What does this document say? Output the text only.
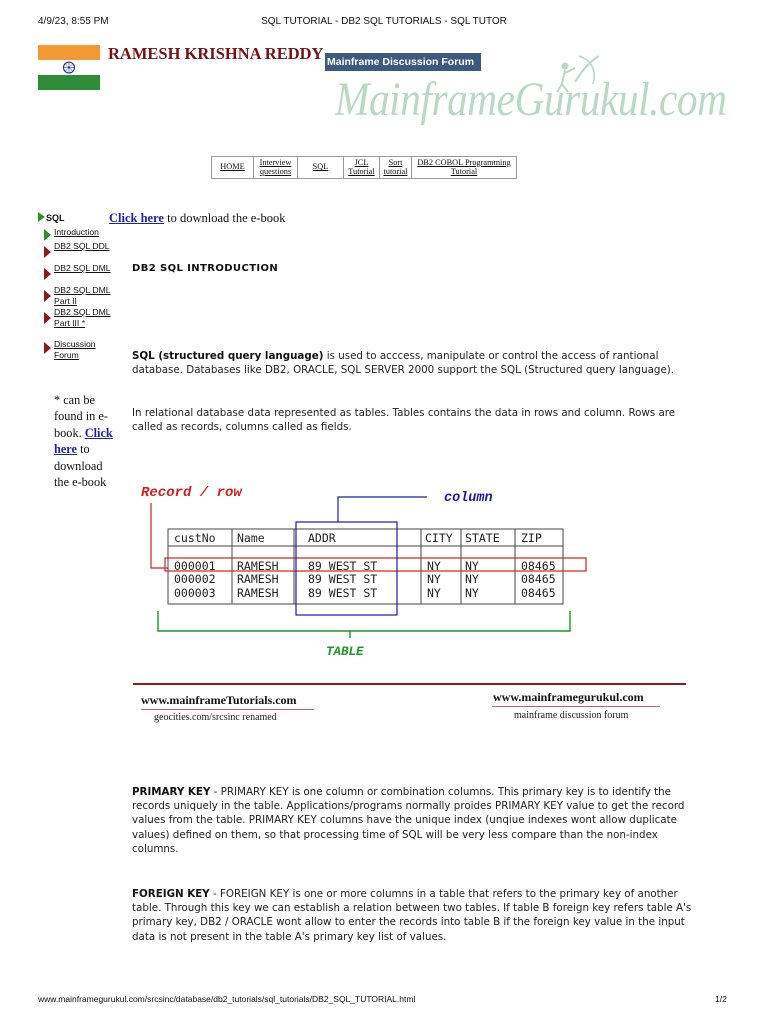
4/9/23, 8:55 PM	SQL TUTORIAL - DB2 SQL TUTORIALS - SQL TUTOR
RAMESH KRISHNA REDDY Mainframe Discussion Forum
MainframeGurukul.com
HOME	Interview questions	SQL	JCL Tutorial
Sort tutorial
DB2 COBOL Programming Tutorial
SQL
Introduction
DB2 SQL DDL
DB2 SQL DML
DB2 SQL DML Part II
DB2 SQL DML Part III *
Discussion Forum
* can be found in e-book. Click here to download the e-book
Click here to download the e-book
DB2 SQL INTRODUCTION
SQL (structured query language) is used to acccess, manipulate or control the access of rantional database. Databases like DB2, ORACLE, SQL SERVER 2000 support the SQL (Structured query language).
In relational database data represented as tables. Tables contains the data in rows and column. Rows are called as records, columns called as fields.
Record / row	column
TABLE
custNo Name	ADDR	CITY STATE ZIP
000001 RAMESH	89 WEST ST	NY NY	08465
000002 RAMESH	89 WEST ST	NY NY	08465
000003 RAMESH	89 WEST ST	NY NY	08465
www.mainframeTutorials.com
geocities.com/srcsinc renamed
www.mainframegurukul.com
mainframe discussion forum
PRIMARY KEY - PRIMARY KEY is one column or combination columns. This primary key is to identify the records uniquely in the table. Applications/programs normally proides PRIMARY KEY value to get the record values from the table. PRIMARY KEY columns have the unique index (unqiue indexes wont allow duplicate values) defined on them, so that processing time of SQL will be very less compare than the non-index columns.
FOREIGN KEY - FOREIGN KEY is one or more columns in a table that refers to the primary key of another table. Through this key we can establish a relation between two tables. If table B foreign key refers table A's primary key, DB2 / ORACLE wont allow to enter the records into table B if the foreign key value in the input data is not present in the table A's primary key list of values.
www.mainframegurukul.com/srcsinc/database/db2_tutorials/sql_tutorials/DB2_SQL_TUTORIAL.html	1/2
